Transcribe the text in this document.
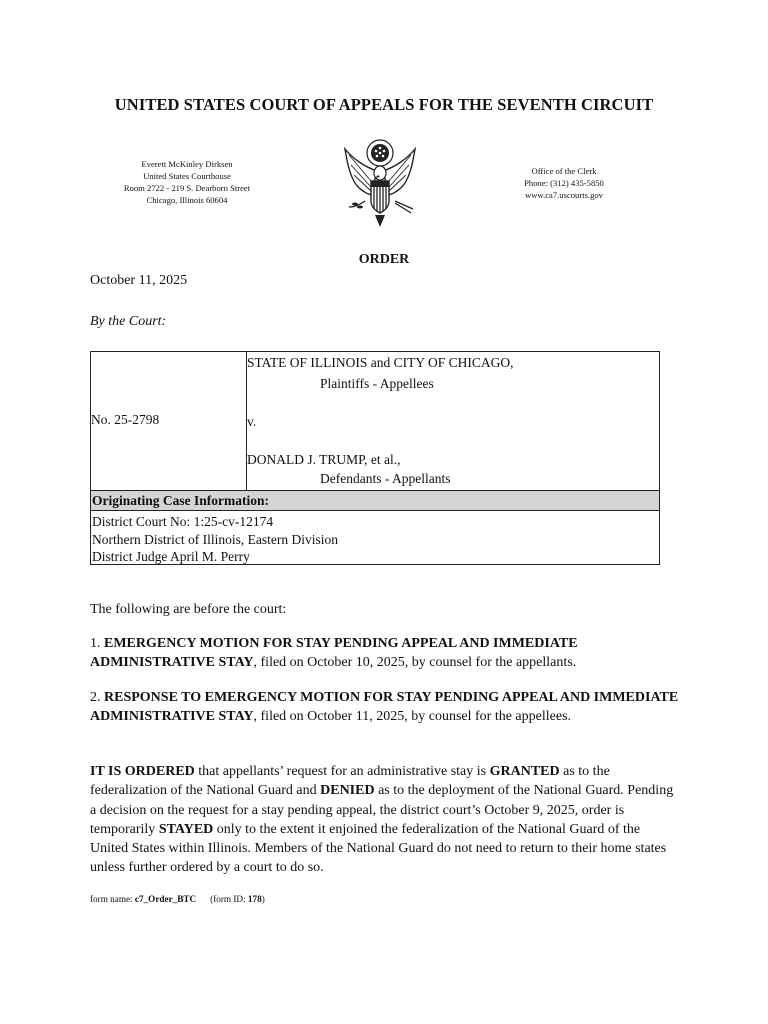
UNITED STATES COURT OF APPEALS FOR THE SEVENTH CIRCUIT
Everett McKinley Dirksen
United States Courthouse
Room 2722 - 219 S. Dearborn Street
Chicago, Illinois 60604
Office of the Clerk
Phone: (312) 435-5850
www.ca7.uscourts.gov
ORDER
October 11, 2025
By the Court:
No. 25-2798
STATE OF ILLINOIS and CITY OF CHICAGO,
Plaintiffs - Appellees
v.
DONALD J. TRUMP, et al.,
Defendants - Appellants
Originating Case Information:
District Court No: 1:25-cv-12174
Northern District of Illinois, Eastern Division
District Judge April M. Perry
The following are before the court:
1. EMERGENCY MOTION FOR STAY PENDING APPEAL AND IMMEDIATE ADMINISTRATIVE STAY, filed on October 10, 2025, by counsel for the appellants.
2. RESPONSE TO EMERGENCY MOTION FOR STAY PENDING APPEAL AND IMMEDIATE ADMINISTRATIVE STAY, filed on October 11, 2025, by counsel for the appellees.
IT IS ORDERED that appellants’ request for an administrative stay is GRANTED as to the federalization of the National Guard and DENIED as to the deployment of the National Guard. Pending a decision on the request for a stay pending appeal, the district court’s October 9, 2025, order is temporarily STAYED only to the extent it enjoined the federalization of the National Guard of the United States within Illinois. Members of the National Guard do not need to return to their home states unless further ordered by a court to do so.
form name: c7_Order_BTC (form ID: 178)
